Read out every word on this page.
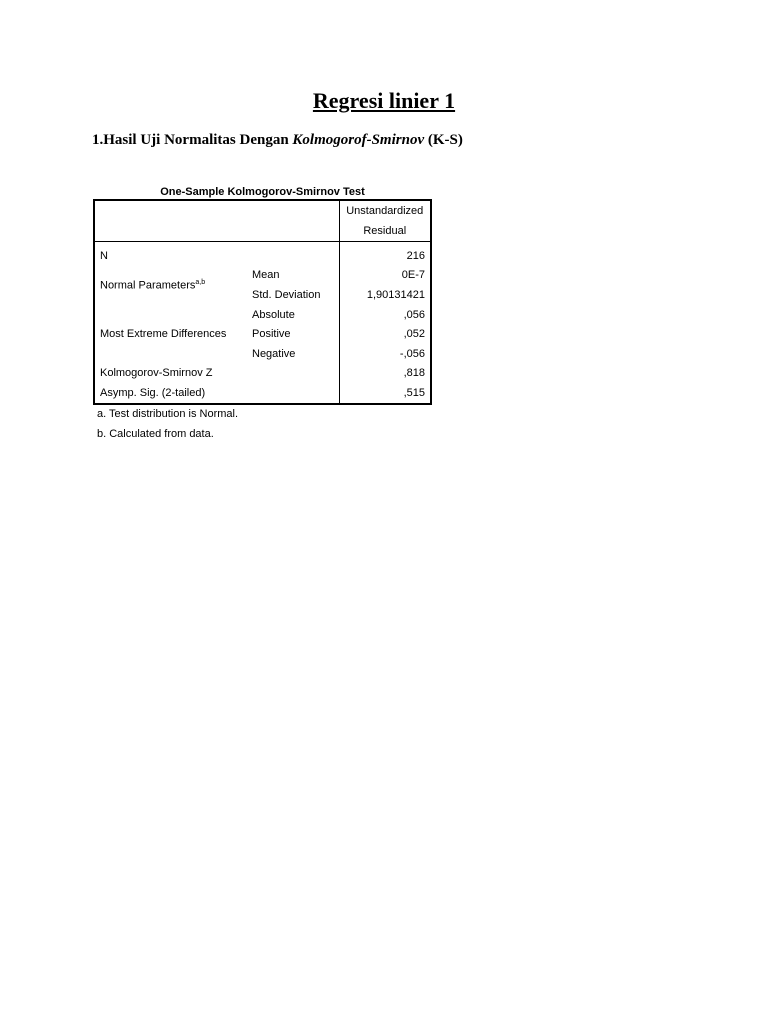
Regresi linier 1

1.Hasil Uji Normalitas Dengan Kolmogorof-Smirnov (K-S)

One-Sample Kolmogorov-Smirnov Test

		Unstandardized
Residual

N		216
Normal Parameters$^{a,b}$	Mean	0E-7
	Std. Deviation	1,90131421
Most Extreme Differences	Absolute	,056
	Positive	,052
	Negative	-,056
Kolmogorov-Smirnov Z		,818
Asymp. Sig. (2-tailed)		,515
a. Test distribution is Normal.
b. Calculated from data.
